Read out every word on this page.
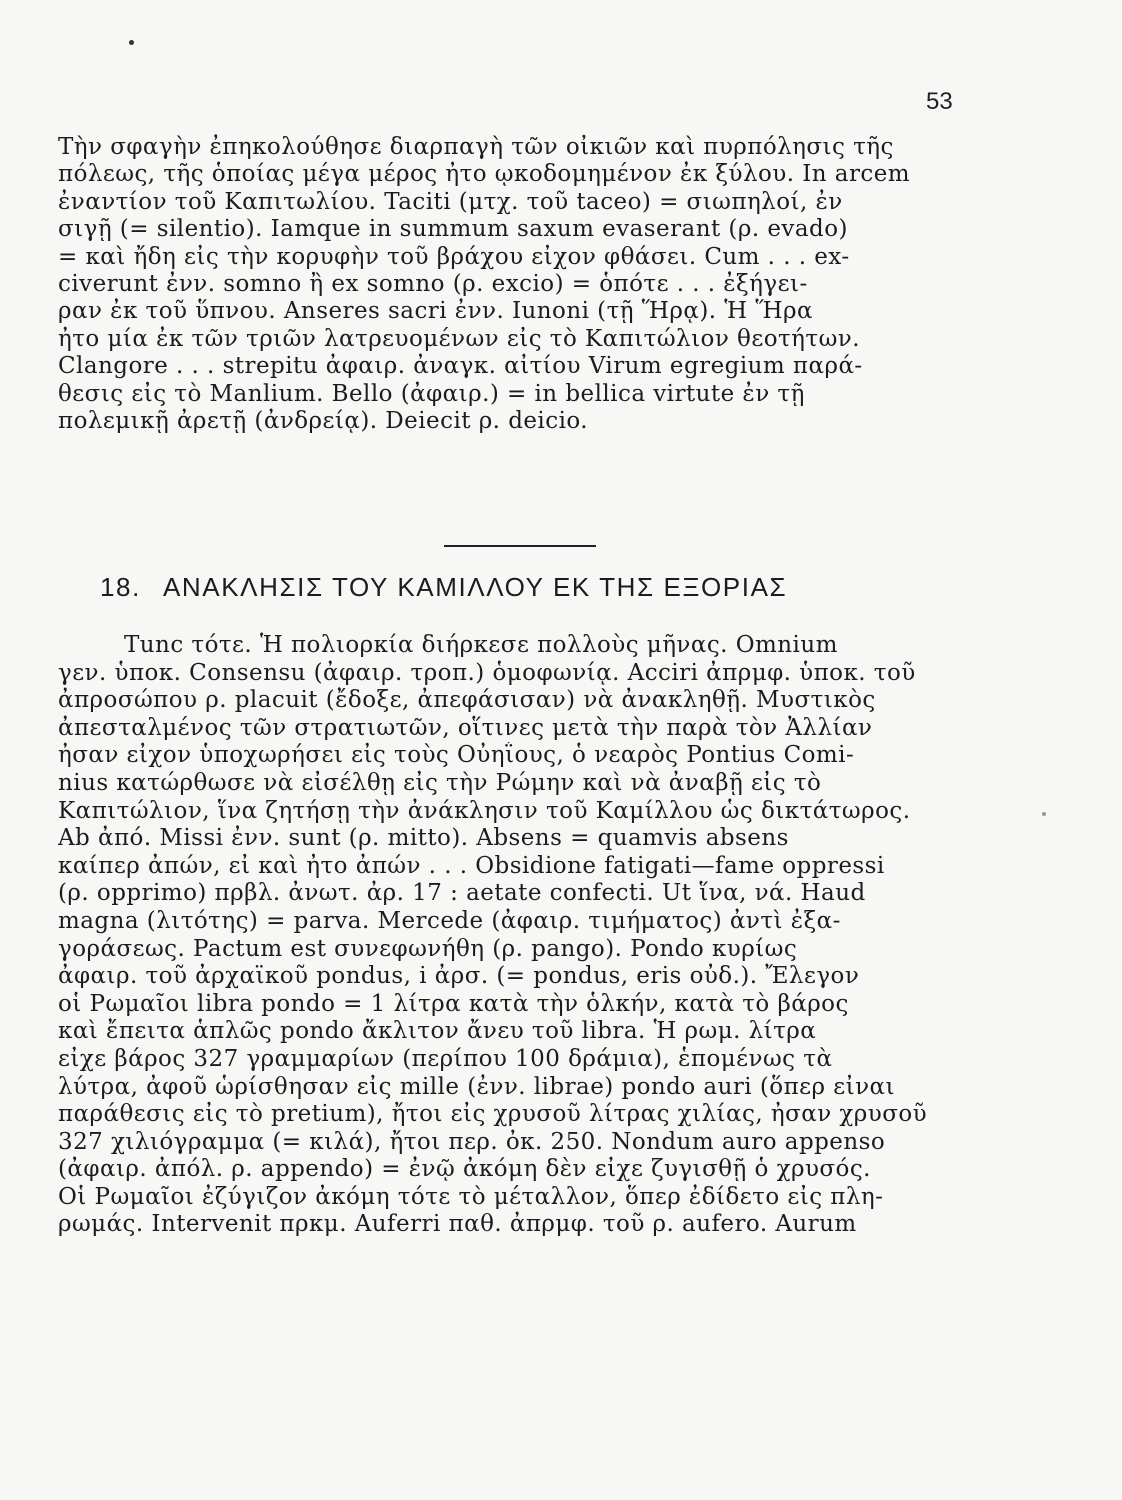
53
Τὴν σφαγὴν ἐπηκολούθησε διαρπαγὴ τῶν οἰκιῶν καὶ πυρπόλησις τῆς
πόλεως, τῆς ὁποίας μέγα μέρος ἦτο ῳκοδομημένον ἐκ ξύλου. In arcem
ἐναντίον τοῦ Καπιτωλίου. Taciti (μτχ. τοῦ taceo) = σιωπηλοί, ἐν
σιγῇ (= silentio). Iamque in summum saxum evaserant (ρ. evado)
= καὶ ἤδη εἰς τὴν κορυφὴν τοῦ βράχου εἶχον φθάσει. Cum . . . ex-
civerunt ἐνν. somno ἢ ex somno (ρ. excio) = ὁπότε . . . ἐξήγει-
ραν ἐκ τοῦ ὕπνου. Anseres sacri ἐνν. Iunoni (τῇ Ἥρᾳ). Ἡ Ἥρα
ἦτο μία ἐκ τῶν τριῶν λατρευομένων εἰς τὸ Καπιτώλιον θεοτήτων.
Clangore . . . strepitu ἀφαιρ. ἀναγκ. αἰτίου Virum egregium παρά-
θεσις εἰς τὸ Manlium. Bello (ἀφαιρ.) = in bellica virtute ἐν τῇ
πολεμικῇ ἀρετῇ (ἀνδρείᾳ). Deiecit ρ. deicio.
18. ΑΝΑΚΛΗΣΙΣ ΤΟΥ ΚΑΜΙΛΛΟΥ ΕΚ ΤΗΣ ΕΞΟΡΙΑΣ
Tunc τότε. Ἡ πολιορκία διήρκεσε πολλοὺς μῆνας. Omnium
γεν. ὑποκ. Consensu (ἀφαιρ. τροπ.) ὁμοφωνίᾳ. Acciri ἀπρμφ. ὑποκ. τοῦ
ἀπροσώπου ρ. placuit (ἔδοξε, ἀπεφάσισαν) νὰ ἀνακληθῇ. Μυστικὸς
ἀπεσταλμένος τῶν στρατιωτῶν, οἵτινες μετὰ τὴν παρὰ τὸν Ἀλλίαν
ἦσαν εἶχον ὑποχωρήσει εἰς τοὺς Οὐηΐους, ὁ νεαρὸς Pontius Comi-
nius κατώρθωσε νὰ εἰσέλθῃ εἰς τὴν Ρώμην καὶ νὰ ἀναβῇ εἰς τὸ
Καπιτώλιον, ἵνα ζητήσῃ τὴν ἀνάκλησιν τοῦ Καμίλλου ὡς δικτάτωρος.
Ab ἀπό. Missi ἐνν. sunt (ρ. mitto). Absens = quamvis absens
καίπερ ἀπών, εἰ καὶ ἦτο ἀπών . . . Obsidione fatigati—fame oppressi
(ρ. opprimo) πρβλ. ἀνωτ. ἀρ. 17 : aetate confecti. Ut ἵνα, νά. Haud
magna (λιτότης) = parva. Mercede (ἀφαιρ. τιμήματος) ἀντὶ ἐξα-
γοράσεως. Pactum est συνεφωνήθη (ρ. pango). Pondo κυρίως
ἀφαιρ. τοῦ ἀρχαϊκοῦ pondus, i ἀρσ. (= pondus, eris οὐδ.). Ἔλεγον
οἱ Ρωμαῖοι libra pondo = 1 λίτρα κατὰ τὴν ὁλκήν, κατὰ τὸ βάρος
καὶ ἔπειτα ἁπλῶς pondo ἄκλιτον ἄνευ τοῦ libra. Ἡ ρωμ. λίτρα
εἶχε βάρος 327 γραμμαρίων (περίπου 100 δράμια), ἑπομένως τὰ
λύτρα, ἀφοῦ ὡρίσθησαν εἰς mille (ἐνν. librae) pondo auri (ὅπερ εἶναι
παράθεσις εἰς τὸ pretium), ἤτοι εἰς χρυσοῦ λίτρας χιλίας, ἦσαν χρυσοῦ
327 χιλιόγραμμα (= κιλά), ἤτοι περ. ὀκ. 250. Nondum auro appenso
(ἀφαιρ. ἀπόλ. ρ. appendo) = ἐνῷ ἀκόμη δὲν εἶχε ζυγισθῇ ὁ χρυσός.
Οἱ Ρωμαῖοι ἐζύγιζον ἀκόμη τότε τὸ μέταλλον, ὅπερ ἐδίδετο εἰς πλη-
ρωμάς. Intervenit πρκμ. Auferri παθ. ἀπρμφ. τοῦ ρ. aufero. Aurum
